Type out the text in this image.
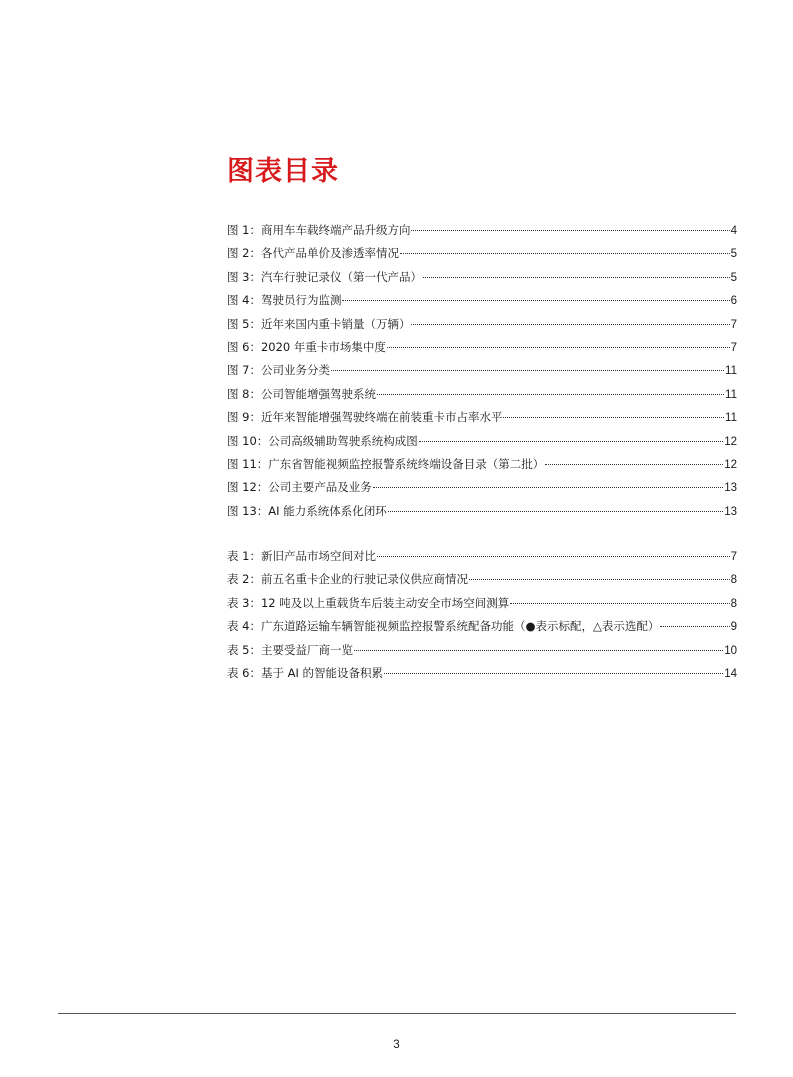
图表目录
图 1：商用车车载终端产品升级方向	4
图 2：各代产品单价及渗透率情况	5
图 3：汽车行驶记录仪（第一代产品）	5
图 4：驾驶员行为监测	6
图 5：近年来国内重卡销量（万辆）	7
图 6：2020 年重卡市场集中度	7
图 7：公司业务分类	11
图 8：公司智能增强驾驶系统	11
图 9：近年来智能增强驾驶终端在前装重卡市占率水平	11
图 10：公司高级辅助驾驶系统构成图	12
图 11：广东省智能视频监控报警系统终端设备目录（第二批）	12
图 12：公司主要产品及业务	13
图 13：AI 能力系统体系化闭环	13
表 1：新旧产品市场空间对比	7
表 2：前五名重卡企业的行驶记录仪供应商情况	8
表 3：12 吨及以上重载货车后装主动安全市场空间测算	8
表 4：广东道路运输车辆智能视频监控报警系统配备功能（●表示标配，△表示选配）	9
表 5：主要受益厂商一览	10
表 6：基于 AI 的智能设备积累	14
3
